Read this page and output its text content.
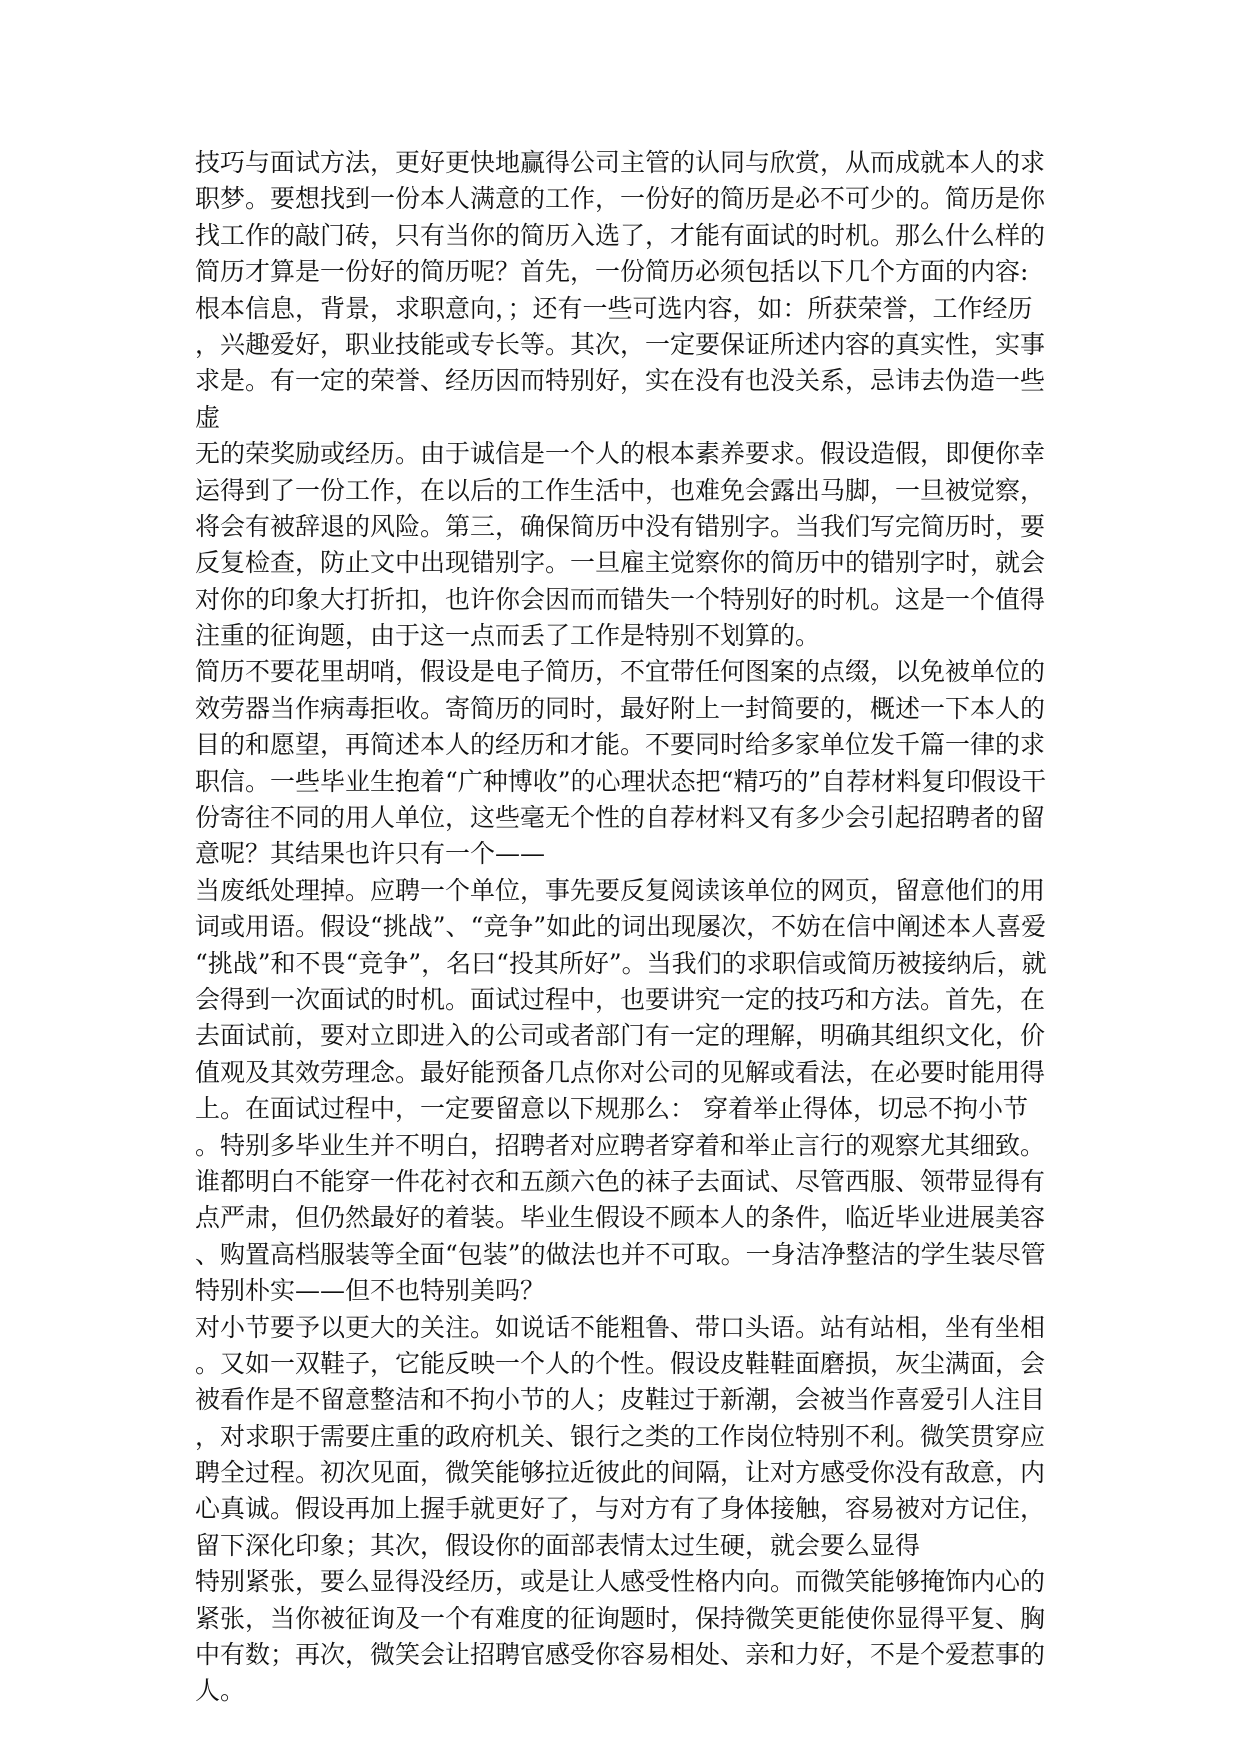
技巧与面试方法，更好更快地赢得公司主管的认同与欣赏，从而成就本人的求
职梦。要想找到一份本人满意的工作，一份好的简历是必不可少的。简历是你
找工作的敲门砖，只有当你的简历入选了，才能有面试的时机。那么什么样的
简历才算是一份好的简历呢？首先，一份简历必须包括以下几个方面的内容:
根本信息，背景，求职意向，；还有一些可选内容，如：所获荣誉，工作经历
，兴趣爱好，职业技能或专长等。其次，一定要保证所述内容的真实性，实事
求是。有一定的荣誉、经历因而特别好，实在没有也没关系，忌讳去伪造一些
虚
无的荣奖励或经历。由于诚信是一个人的根本素养要求。假设造假，即便你幸
运得到了一份工作，在以后的工作生活中，也难免会露出马脚，一旦被觉察，
将会有被辞退的风险。第三，确保简历中没有错别字。当我们写完简历时，要
反复检查，防止文中出现错别字。一旦雇主觉察你的简历中的错别字时，就会
对你的印象大打折扣，也许你会因而而错失一个特别好的时机。这是一个值得
注重的征询题，由于这一点而丢了工作是特别不划算的。
简历不要花里胡哨，假设是电子简历，不宜带任何图案的点缀，以免被单位的
效劳器当作病毒拒收。寄简历的同时，最好附上一封简要的，概述一下本人的
目的和愿望，再简述本人的经历和才能。不要同时给多家单位发千篇一律的求
职信。一些毕业生抱着“广种博收”的心理状态把“精巧的”自荐材料复印假设干
份寄往不同的用人单位，这些毫无个性的自荐材料又有多少会引起招聘者的留
意呢？其结果也许只有一个——
当废纸处理掉。应聘一个单位，事先要反复阅读该单位的网页，留意他们的用
词或用语。假设“挑战”、“竞争”如此的词出现屡次，不妨在信中阐述本人喜爱
“挑战”和不畏“竞争”，名曰“投其所好”。当我们的求职信或简历被接纳后，就
会得到一次面试的时机。面试过程中，也要讲究一定的技巧和方法。首先，在
去面试前，要对立即进入的公司或者部门有一定的理解，明确其组织文化，价
值观及其效劳理念。最好能预备几点你对公司的见解或看法，在必要时能用得
上。在面试过程中，一定要留意以下规那么： 穿着举止得体，切忌不拘小节
。特别多毕业生并不明白，招聘者对应聘者穿着和举止言行的观察尤其细致。
谁都明白不能穿一件花衬衣和五颜六色的袜子去面试、尽管西服、领带显得有
点严肃，但仍然最好的着装。毕业生假设不顾本人的条件，临近毕业进展美容
、购置高档服装等全面“包装”的做法也并不可取。一身洁净整洁的学生装尽管
特别朴实——但不也特别美吗？
对小节要予以更大的关注。如说话不能粗鲁、带口头语。站有站相，坐有坐相
。又如一双鞋子，它能反映一个人的个性。假设皮鞋鞋面磨损，灰尘满面，会
被看作是不留意整洁和不拘小节的人；皮鞋过于新潮，会被当作喜爱引人注目
，对求职于需要庄重的政府机关、银行之类的工作岗位特别不利。微笑贯穿应
聘全过程。初次见面，微笑能够拉近彼此的间隔，让对方感受你没有敌意，内
心真诚。假设再加上握手就更好了，与对方有了身体接触，容易被对方记住，
留下深化印象；其次，假设你的面部表情太过生硬，就会要么显得
特别紧张，要么显得没经历，或是让人感受性格内向。而微笑能够掩饰内心的
紧张，当你被征询及一个有难度的征询题时，保持微笑更能使你显得平复、胸
中有数；再次，微笑会让招聘官感受你容易相处、亲和力好，不是个爱惹事的
人。
